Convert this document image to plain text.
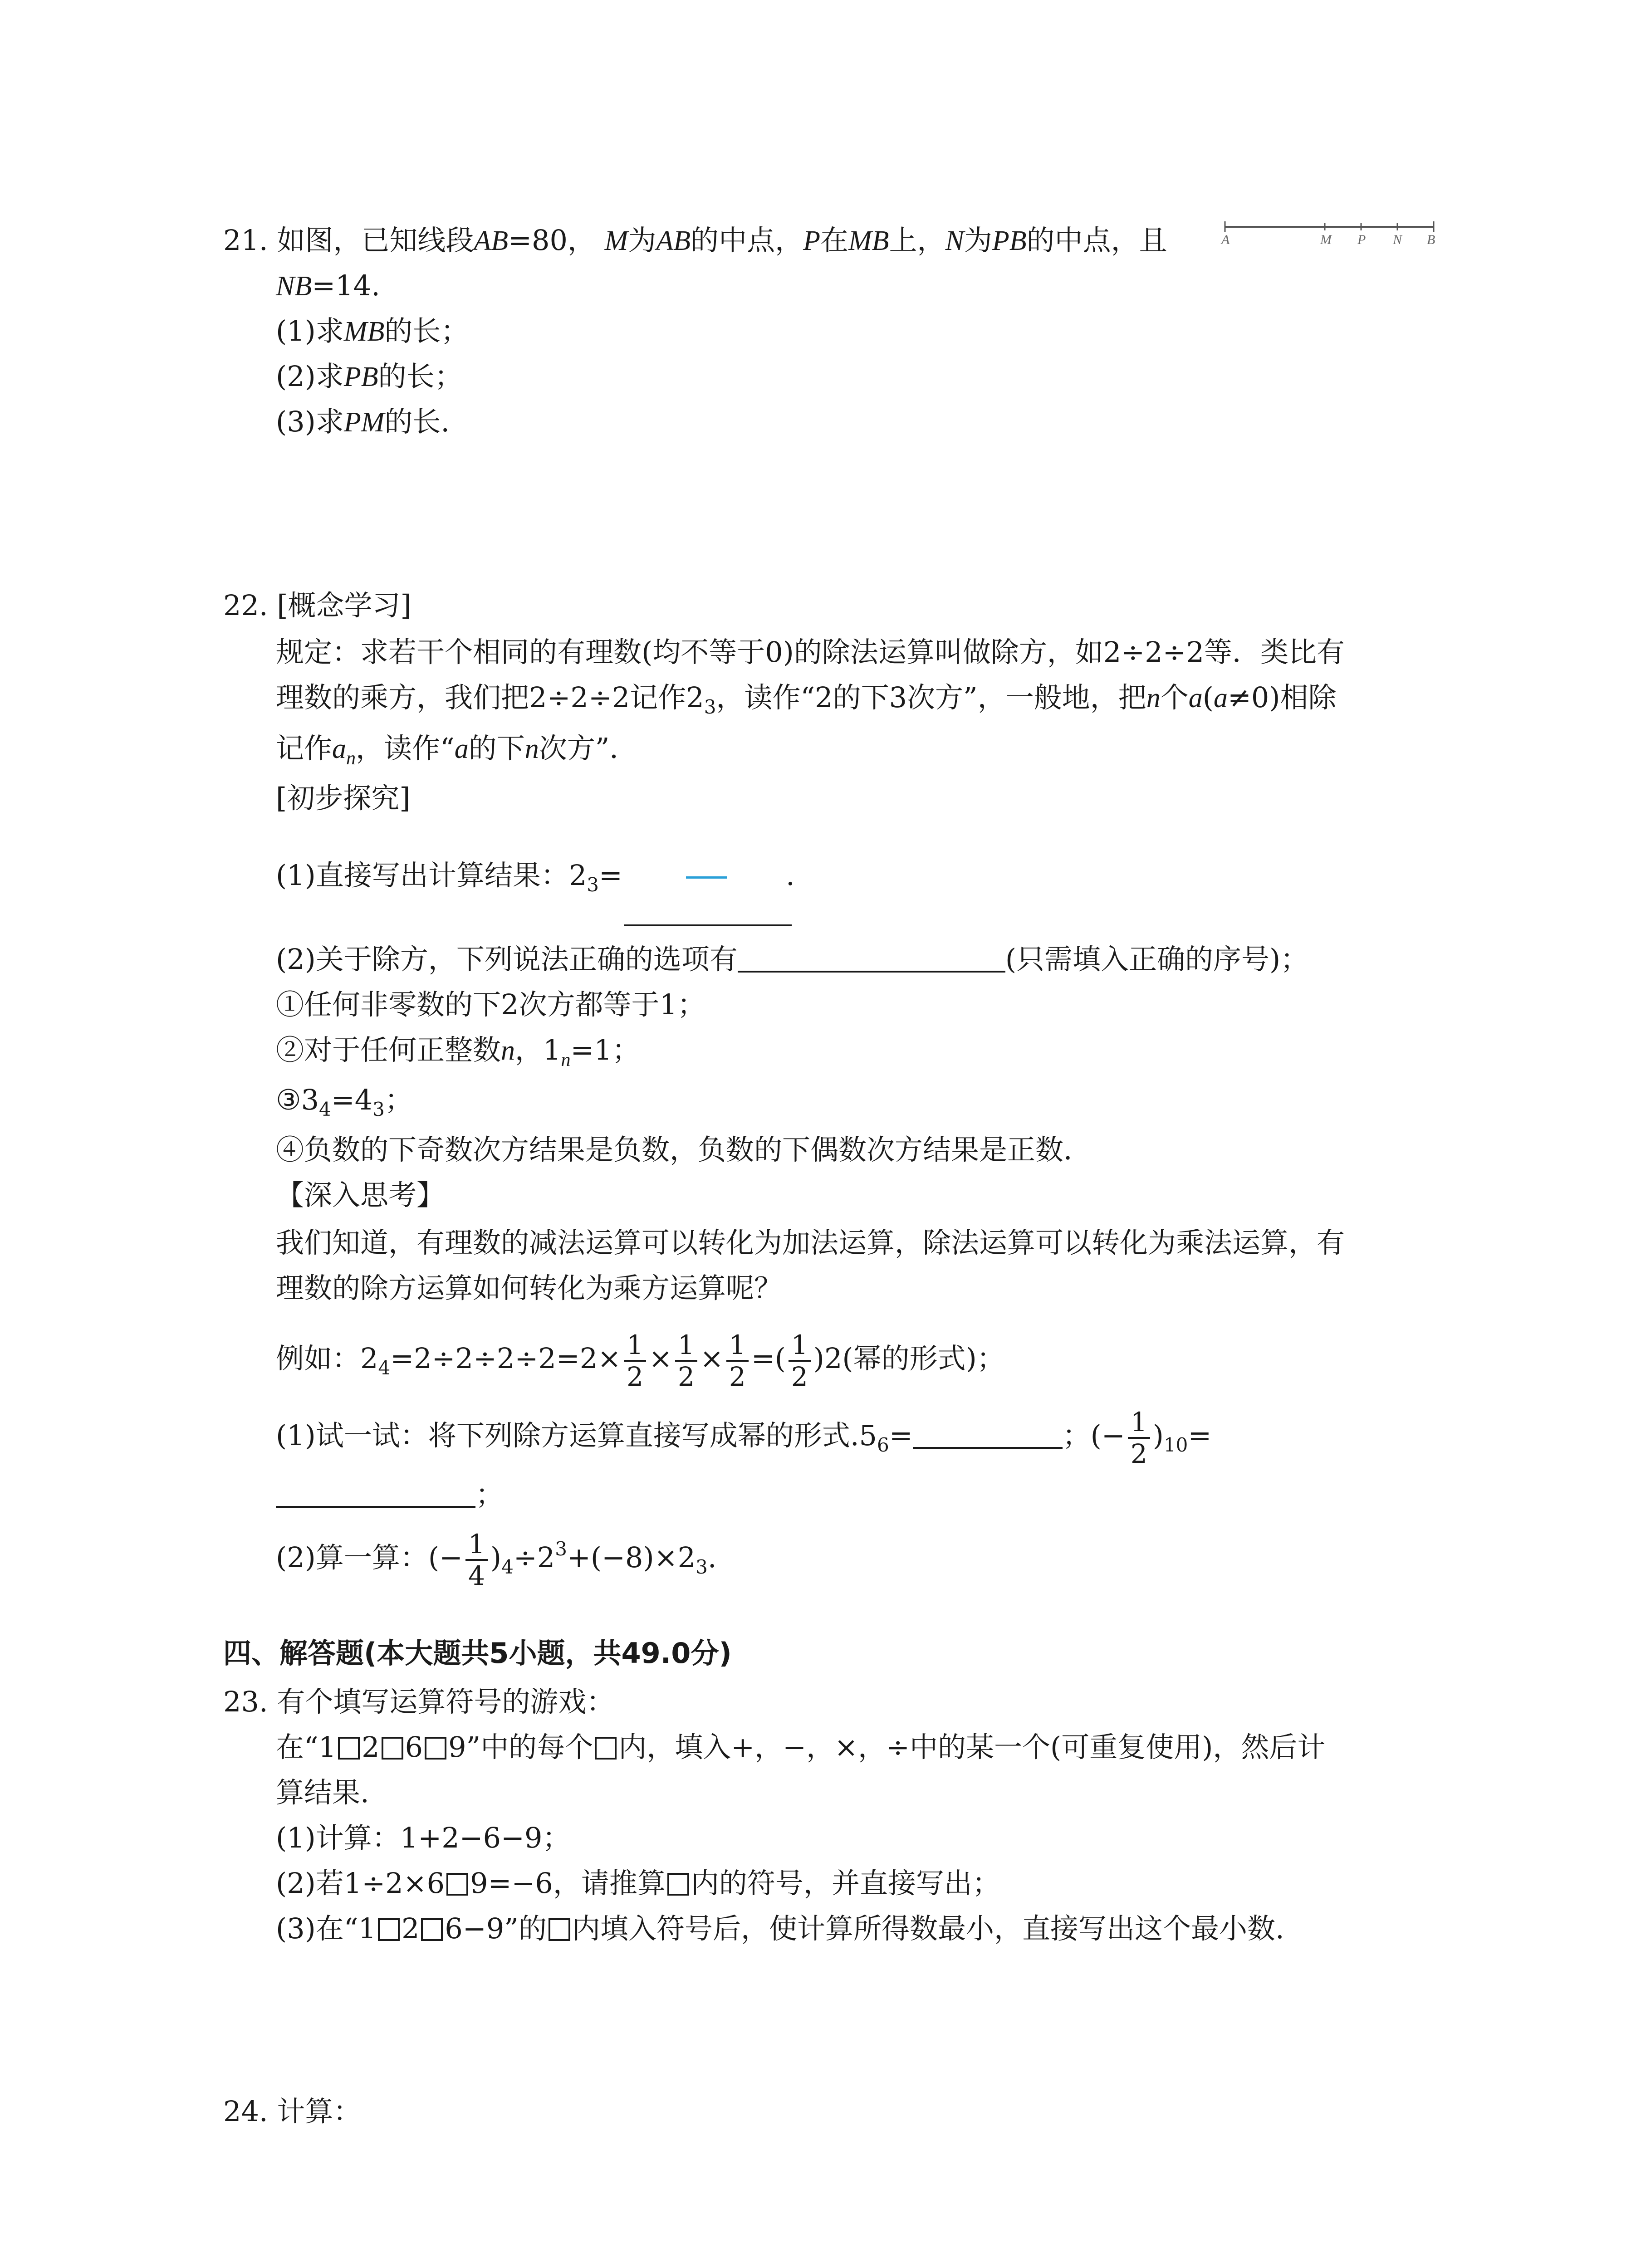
21. 如图，已知线段AB=80， M为AB的中点，P在MB上，N为PB的中点，且	A	M P N B
NB=14.
(1)求MB的长；
(2)求PB的长；
(3)求PM的长.
22. [概念学习]
规定：求若干个相同的有理数(均不等于0)的除法运算叫做除方，如2÷2÷2等．类比有
理数的乘方，我们把2÷2÷2记作$2_3$，读作“2的下3次方”，一般地，把n个a(a≠0)相除
记作$a_n$，读作“a的下n次方”．
[初步探究]
(1)直接写出计算结果：$2_3=$	.
(2)关于除方，下列说法正确的选项有	(只需填入正确的序号)；
①任何非零数的下2次方都等于1；
②对于任何正整数n，$1_n=1$；
$③3_4=4_3$；
④负数的下奇数次方结果是负数，负数的下偶数次方结果是正数．
【深入思考】
我们知道，有理数的减法运算可以转化为加法运算，除法运算可以转化为乘法运算，有
理数的除方运算如何转化为乘方运算呢？
例如：$2_4=2\div 2\div 2\div 2=2\times \frac{1}{2} \times \frac{1}{2} \times \frac{1}{2}$ =( $\frac{1}{2} )2$(幂的形式)；
(1)试一试：将下列除方运算直接写成幂的形式$.5_6=$	；(− $\frac{1}{2} )_{10}=$
；
(2)算一算：(− $\frac{1}{4} )_4\div 2^3+(-8)\times 2_3$.
四、解答题(本大题共5小题，共49.0分)
23. 有个填写运算符号的游戏：
在“1 2 6 9”中的每个 内，填入+，−，×，÷中的某一个(可重复使用)，然后计
算结果.
(1)计算：1+2−6−9；
(2)若1÷2×6 9=−6，请推算 内的符号，并直接写出；
(3)在“1 2 6−9”的 内填入符号后，使计算所得数最小，直接写出这个最小数.
24. 计算：
